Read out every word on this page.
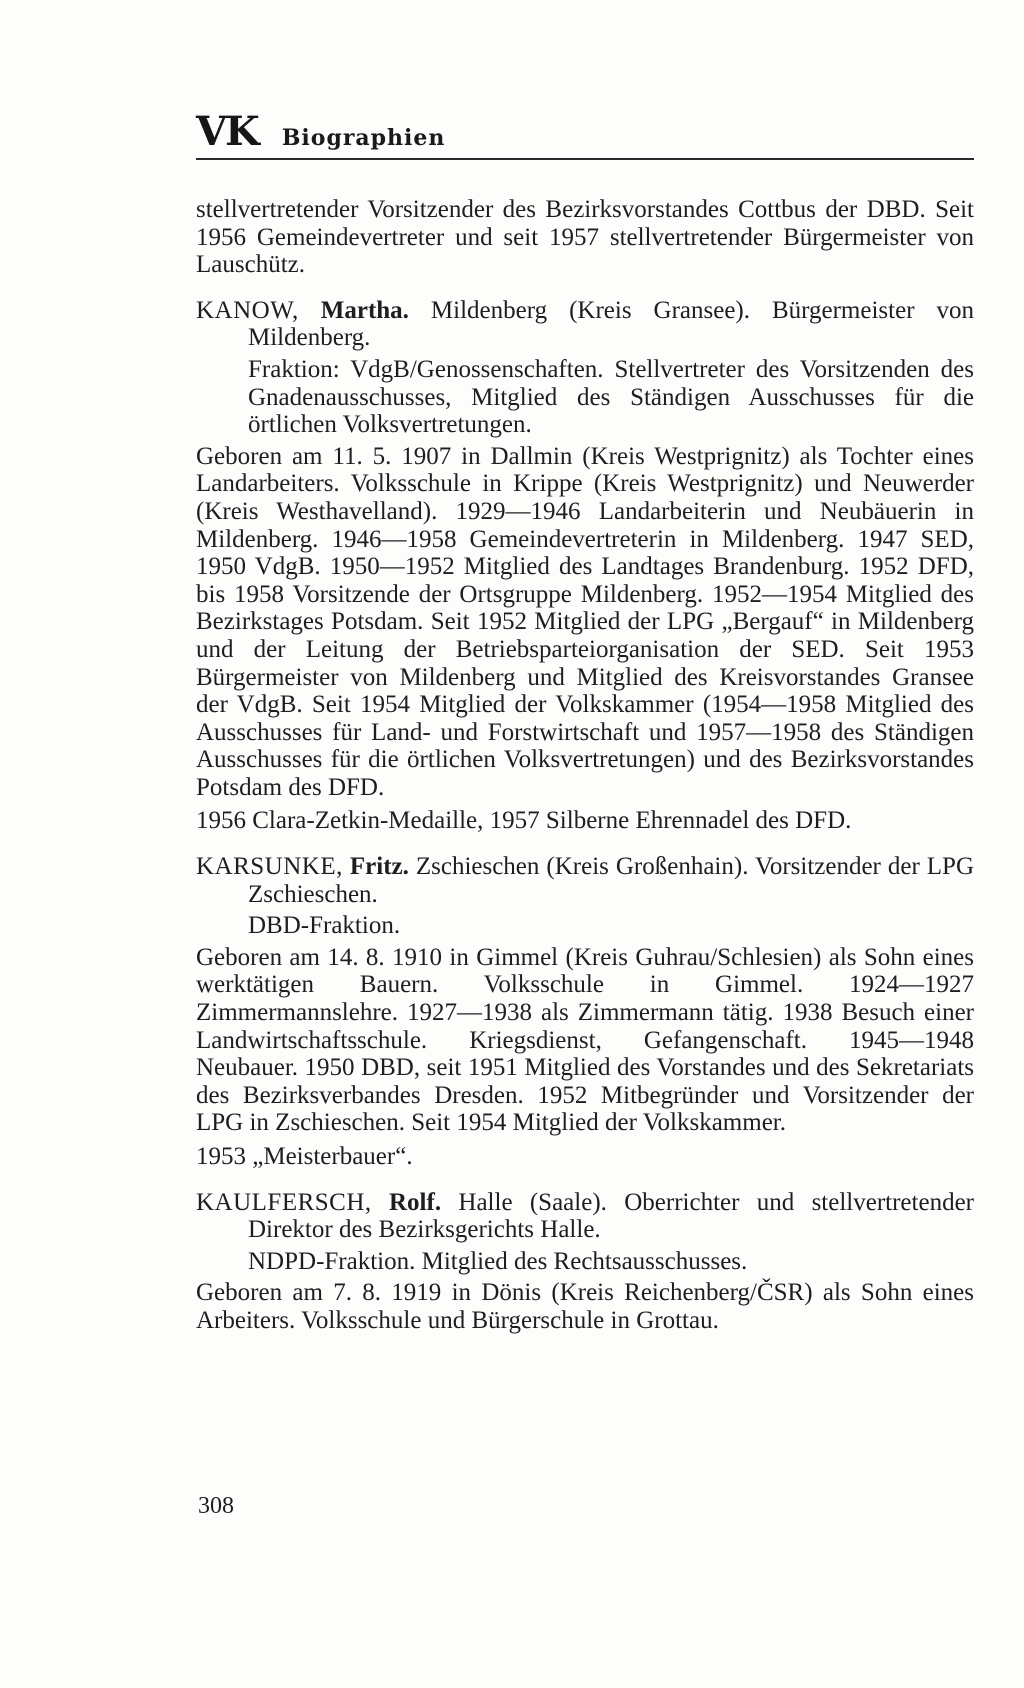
VK Biographien

stellvertretender Vorsitzender des Bezirksvorstandes Cottbus der DBD. Seit 1956 Gemeindevertreter und seit 1957 stellvertretender Bürgermeister von Lauschütz.

KANOW, Martha. Mildenberg (Kreis Gransee). Bürgermeister von Mildenberg.

Fraktion: VdgB/Genossenschaften. Stellvertreter des Vorsitzenden des Gnadenausschusses, Mitglied des Ständigen Ausschusses für die örtlichen Volksvertretungen.

Geboren am 11. 5. 1907 in Dallmin (Kreis Westprignitz) als Tochter eines Landarbeiters. Volksschule in Krippe (Kreis Westprignitz) und Neuwerder (Kreis Westhavelland). 1929—1946 Landarbeiterin und Neubäuerin in Mildenberg. 1946—1958 Gemeindevertreterin in Mildenberg. 1947 SED, 1950 VdgB. 1950—1952 Mitglied des Landtages Brandenburg. 1952 DFD, bis 1958 Vorsitzende der Ortsgruppe Mildenberg. 1952—1954 Mitglied des Bezirkstages Potsdam. Seit 1952 Mitglied der LPG „Bergauf“ in Mildenberg und der Leitung der Betriebsparteiorganisation der SED. Seit 1953 Bürgermeister von Mildenberg und Mitglied des Kreisvorstandes Gransee der VdgB. Seit 1954 Mitglied der Volkskammer (1954—1958 Mitglied des Ausschusses für Land- und Forstwirtschaft und 1957—1958 des Ständigen Ausschusses für die örtlichen Volksvertretungen) und des Bezirksvorstandes Potsdam des DFD.

1956 Clara-Zetkin-Medaille, 1957 Silberne Ehrennadel des DFD.

KARSUNKE, Fritz. Zschieschen (Kreis Großenhain). Vorsitzender der LPG Zschieschen.

DBD-Fraktion.

Geboren am 14. 8. 1910 in Gimmel (Kreis Guhrau/Schlesien) als Sohn eines werktätigen Bauern. Volksschule in Gimmel. 1924—1927 Zimmermannslehre. 1927—1938 als Zimmermann tätig. 1938 Besuch einer Landwirtschaftsschule. Kriegsdienst, Gefangenschaft. 1945—1948 Neubauer. 1950 DBD, seit 1951 Mitglied des Vorstandes und des Sekretariats des Bezirksverbandes Dresden. 1952 Mitbegründer und Vorsitzender der LPG in Zschieschen. Seit 1954 Mitglied der Volkskammer.

1953 „Meisterbauer“.

KAULFERSCH, Rolf. Halle (Saale). Oberrichter und stellvertretender Direktor des Bezirksgerichts Halle.

NDPD-Fraktion. Mitglied des Rechtsausschusses.

Geboren am 7. 8. 1919 in Dönis (Kreis Reichenberg/ČSR) als Sohn eines Arbeiters. Volksschule und Bürgerschule in Grottau.

308
